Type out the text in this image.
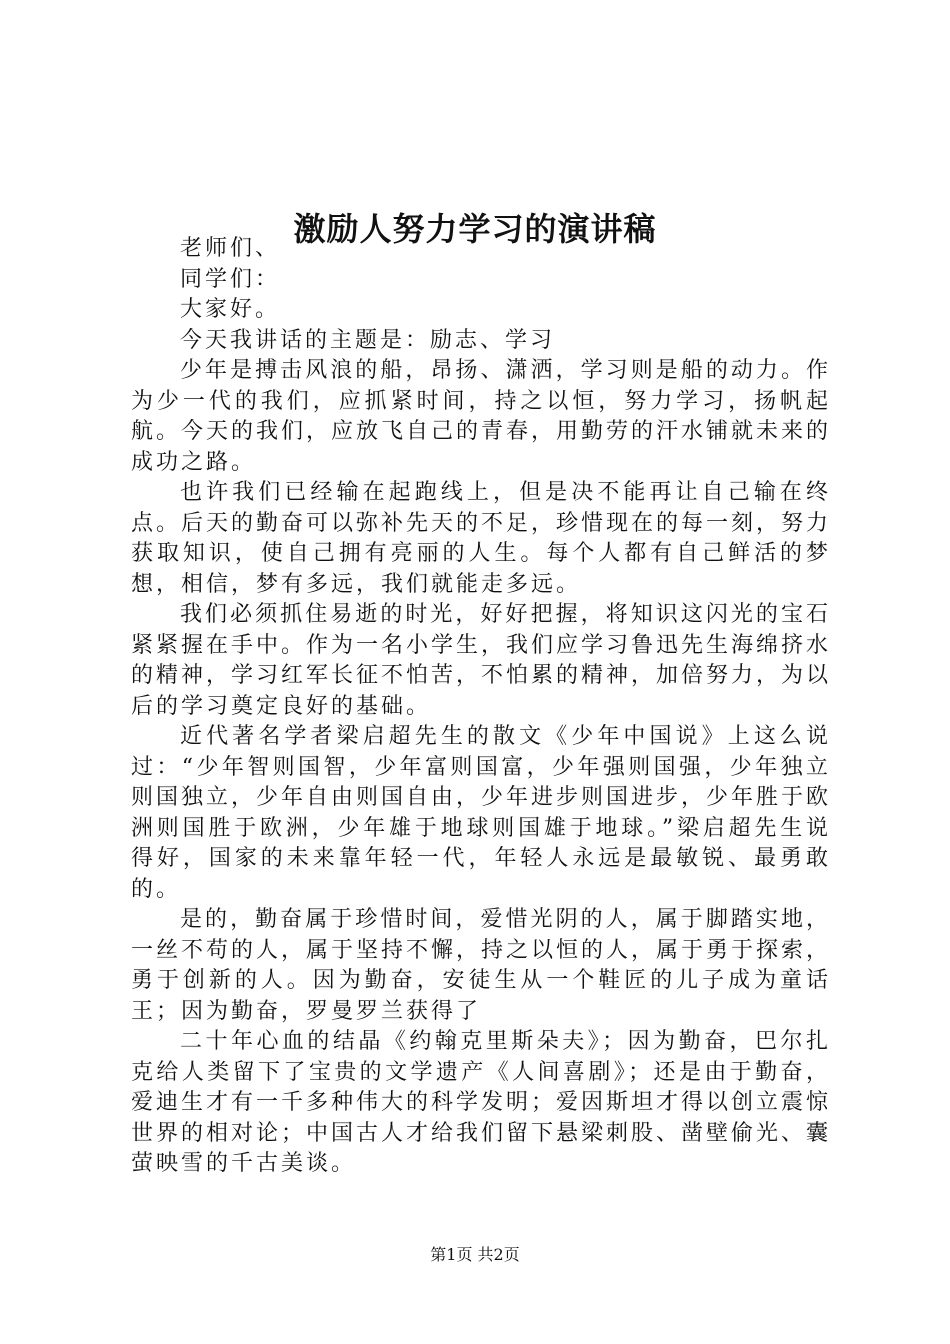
激励人努力学习的演讲稿

老师们、

同学们：

大家好。

今天我讲话的主题是：励志、学习

少年是搏击风浪的船，昂扬、潇洒，学习则是船的动力。作为少一代的我们，应抓紧时间，持之以恒，努力学习，扬帆起航。今天的我们，应放飞自己的青春，用勤劳的汗水铺就未来的成功之路。

也许我们已经输在起跑线上，但是决不能再让自己输在终点。后天的勤奋可以弥补先天的不足，珍惜现在的每一刻，努力获取知识，使自己拥有亮丽的人生。每个人都有自己鲜活的梦想，相信，梦有多远，我们就能走多远。

我们必须抓住易逝的时光，好好把握，将知识这闪光的宝石紧紧握在手中。作为一名小学生，我们应学习鲁迅先生海绵挤水的精神，学习红军长征不怕苦，不怕累的精神，加倍努力，为以后的学习奠定良好的基础。

近代著名学者梁启超先生的散文《少年中国说》上这么说过：“少年智则国智，少年富则国富，少年强则国强，少年独立则国独立，少年自由则国自由，少年进步则国进步，少年胜于欧洲则国胜于欧洲，少年雄于地球则国雄于地球。”梁启超先生说得好，国家的未来靠年轻一代，年轻人永远是最敏锐、最勇敢的。

是的，勤奋属于珍惜时间，爱惜光阴的人，属于脚踏实地，一丝不苟的人，属于坚持不懈，持之以恒的人，属于勇于探索，勇于创新的人。因为勤奋，安徒生从一个鞋匠的儿子成为童话王；因为勤奋，罗曼罗兰获得了

二十年心血的结晶《约翰克里斯朵夫》；因为勤奋，巴尔扎克给人类留下了宝贵的文学遗产《人间喜剧》；还是由于勤奋，爱迪生才有一千多种伟大的科学发明；爱因斯坦才得以创立震惊世界的相对论；中国古人才给我们留下悬梁刺股、凿壁偷光、囊萤映雪的千古美谈。

第1页 共2页
